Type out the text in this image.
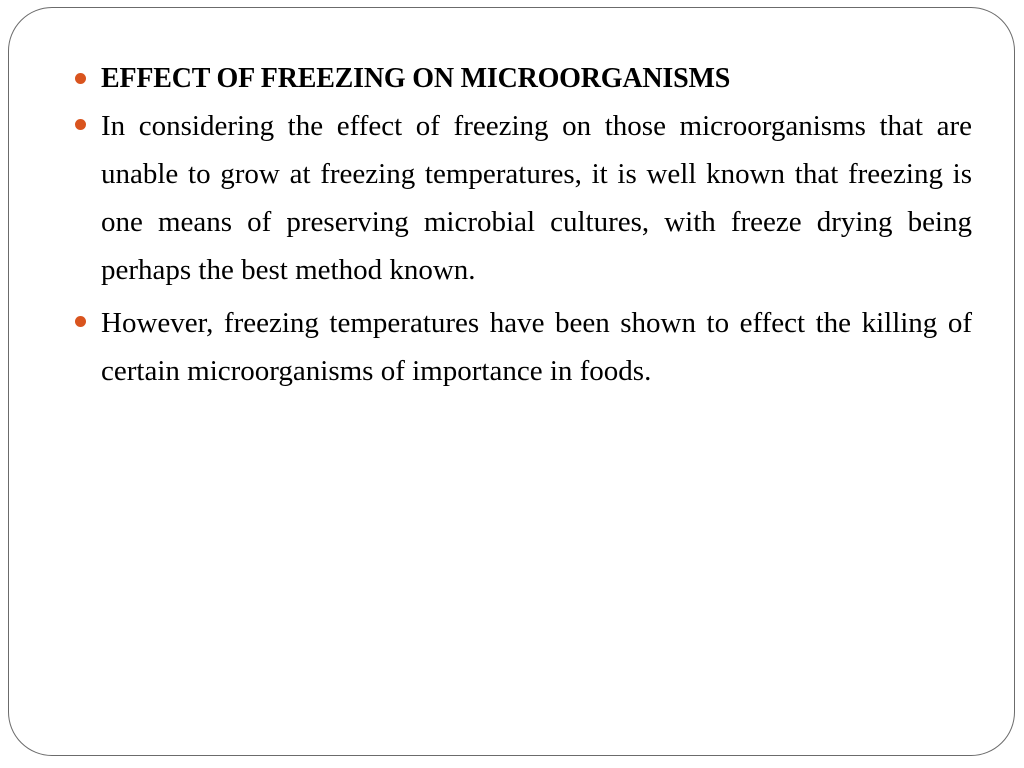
EFFECT OF FREEZING ON MICROORGANISMS

In considering the effect of freezing on those microorganisms that are unable to grow at freezing temperatures, it is well known that freezing is one means of preserving microbial cultures, with freeze drying being perhaps the best method known.

However, freezing temperatures have been shown to effect the killing of certain microorganisms of importance in foods.
